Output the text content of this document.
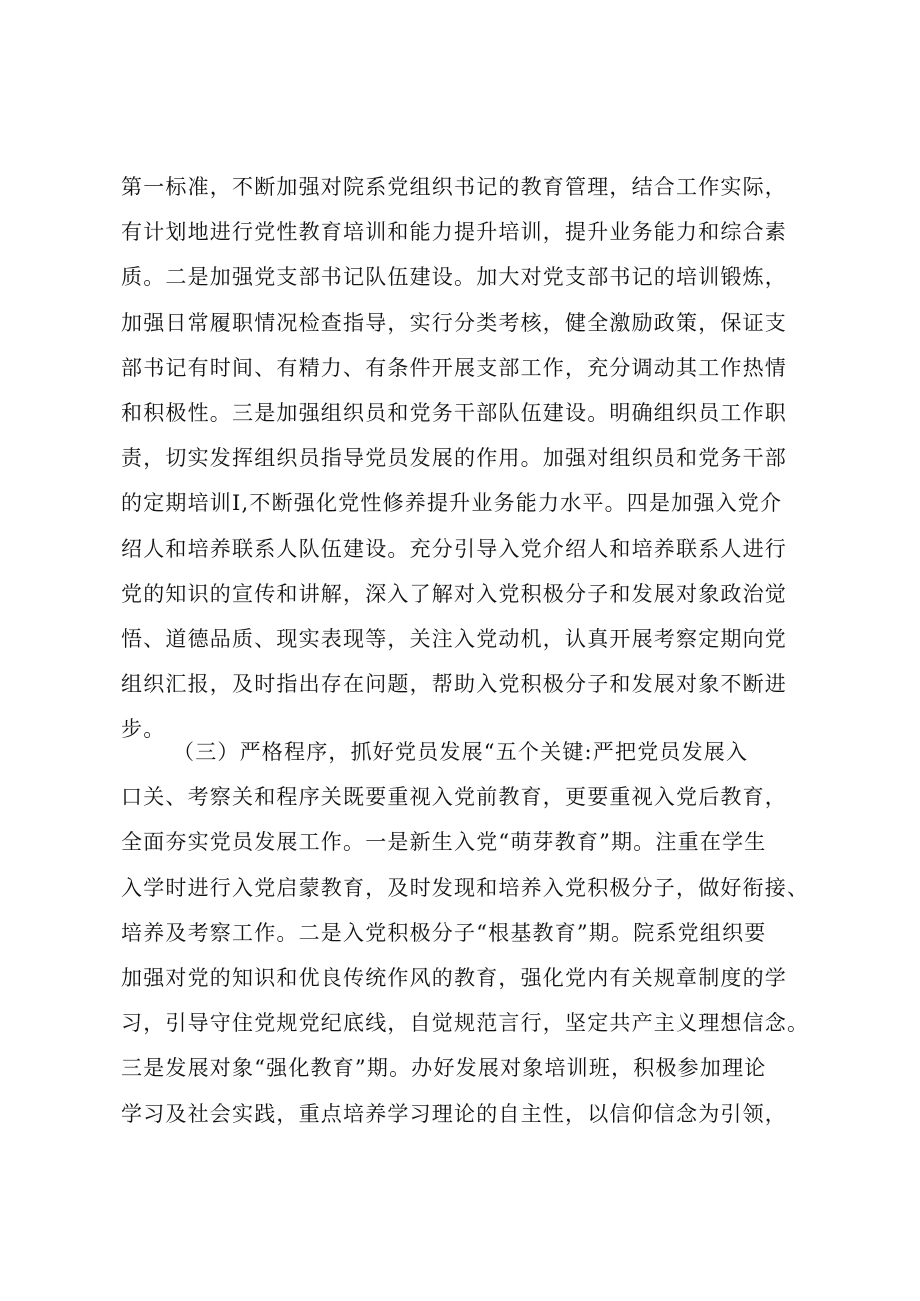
第一标准，不断加强对院系党组织书记的教育管理，结合工作实际，
有计划地进行党性教育培训和能力提升培训，提升业务能力和综合素
质。二是加强党支部书记队伍建设。加大对党支部书记的培训锻炼，
加强日常履职情况检查指导，实行分类考核，健全激励政策，保证支
部书记有时间、有精力、有条件开展支部工作，充分调动其工作热情
和积极性。三是加强组织员和党务干部队伍建设。明确组织员工作职
责，切实发挥组织员指导党员发展的作用。加强对组织员和党务干部
的定期培训I,不断强化党性修养提升业务能力水平。四是加强入党介
绍人和培养联系人队伍建设。充分引导入党介绍人和培养联系人进行
党的知识的宣传和讲解，深入了解对入党积极分子和发展对象政治觉
悟、道德品质、现实表现等，关注入党动机，认真开展考察定期向党
组织汇报，及时指出存在问题，帮助入党积极分子和发展对象不断进
步。
（三）严格程序，抓好党员发展“五个关键:严把党员发展入
口关、考察关和程序关既要重视入党前教育，更要重视入党后教育，
全面夯实党员发展工作。一是新生入党“萌芽教育”期。注重在学生
入学时进行入党启蒙教育，及时发现和培养入党积极分子，做好衔接、
培养及考察工作。二是入党积极分子“根基教育”期。院系党组织要
加强对党的知识和优良传统作风的教育，强化党内有关规章制度的学
习，引导守住党规党纪底线，自觉规范言行，坚定共产主义理想信念。
三是发展对象“强化教育”期。办好发展对象培训班，积极参加理论
学习及社会实践，重点培养学习理论的自主性，以信仰信念为引领，
